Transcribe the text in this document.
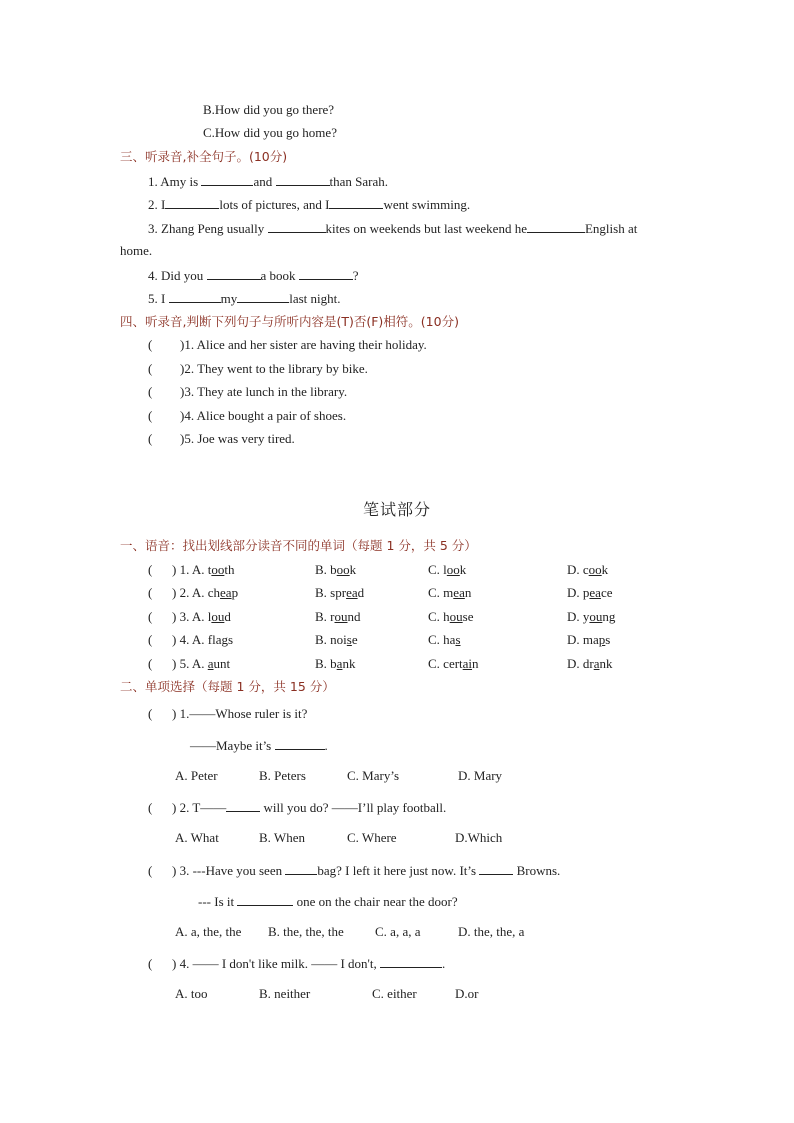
B.How did you go there?
C.How did you go home?
三、听录音,补全句子。(10分)
1. Amy is	and	than Sarah.
2. I	lots of pictures, and I	went swimming.
3. Zhang Peng usually	kites on weekends but last weekend he	English at
home.
4. Did you	a book	?
5. I	my	last night.
四、听录音,判断下列句子与所听内容是(T)否(F)相符。(10分)
( )1. Alice and her sister are having their holiday.
( )2. They went to the library by bike.
( )3. They ate lunch in the library.
( )4. Alice bought a pair of shoes.
( )5. Joe was very tired.
笔试部分
一、语音：找出划线部分读音不同的单词（每题 1 分，共 5 分）
( ) 1. A. tooth	B. book	C. look	D. cook
( ) 2. A. cheap	B. spread	C. mean	D. peace
( ) 3. A. loud	B. round	C. house	D. young
( ) 4. A. flags	B. noise	C. has	D. maps
( ) 5. A. aunt	B. bank	C. certain	D. drank
二、单项选择（每题 1 分，共 15 分）
( ) 1.——Whose ruler is it?
——Maybe it’s	.
A. Peter	B. Peters	C. Mary’s	D. Mary
( ) 2. T——	will you do? ——I’ll play football.
A. What	B. When	C. Where	D.Which
( ) 3. ---Have you seen bag? I left it here just now. It’s	Browns.
--- Is it	one on the chair near the door?
A. a, the, the B. the, the, the C. a, a, a	D. the, the, a
( ) 4. —— I don't like milk. —— I don't,	.
A. too	B. neither	C. either	D.or
